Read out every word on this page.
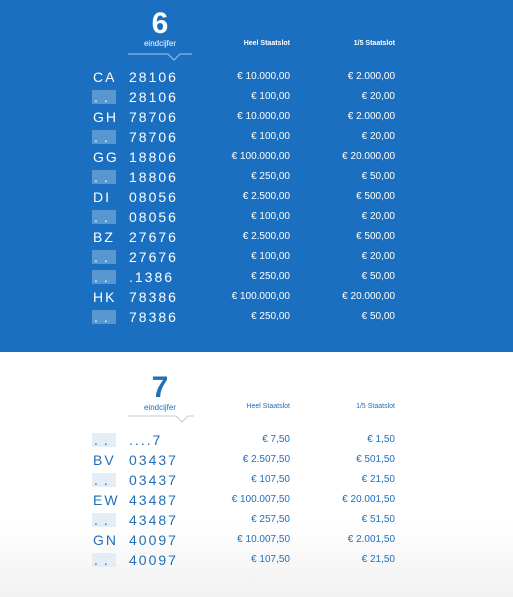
6
eindcijfer	Heel Staatslot	1/5 Staatslot
CA 28106	€ 10.000,00	€ 2.000,00
.. 28106	€ 100,00	€ 20,00
GH 78706	€ 10.000,00	€ 2.000,00
.. 78706	€ 100,00	€ 20,00
GG 18806	€ 100.000,00	€ 20.000,00
.. 18806	€ 250,00	€ 50,00
DI 08056	€ 2.500,00	€ 500,00
.. 08056	€ 100,00	€ 20,00
BZ 27676	€ 2.500,00	€ 500,00
.. 27676	€ 100,00	€ 20,00
.. .1386	€ 250,00	€ 50,00
HK 78386	€ 100.000,00	€ 20.000,00
.. 78386	€ 250,00	€ 50,00
7
eindcijfer	Heel Staatslot	1/5 Staatslot
.. ....7	€ 7,50	€ 1,50
BV 03437	€ 2.507,50	€ 501,50
.. 03437	€ 107,50	€ 21,50
EW 43487	€ 100.007,50	€ 20.001,50
.. 43487	€ 257,50	€ 51,50
GN 40097	€ 10.007,50	€ 2.001,50
.. 40097	€ 107,50	€ 21,50
